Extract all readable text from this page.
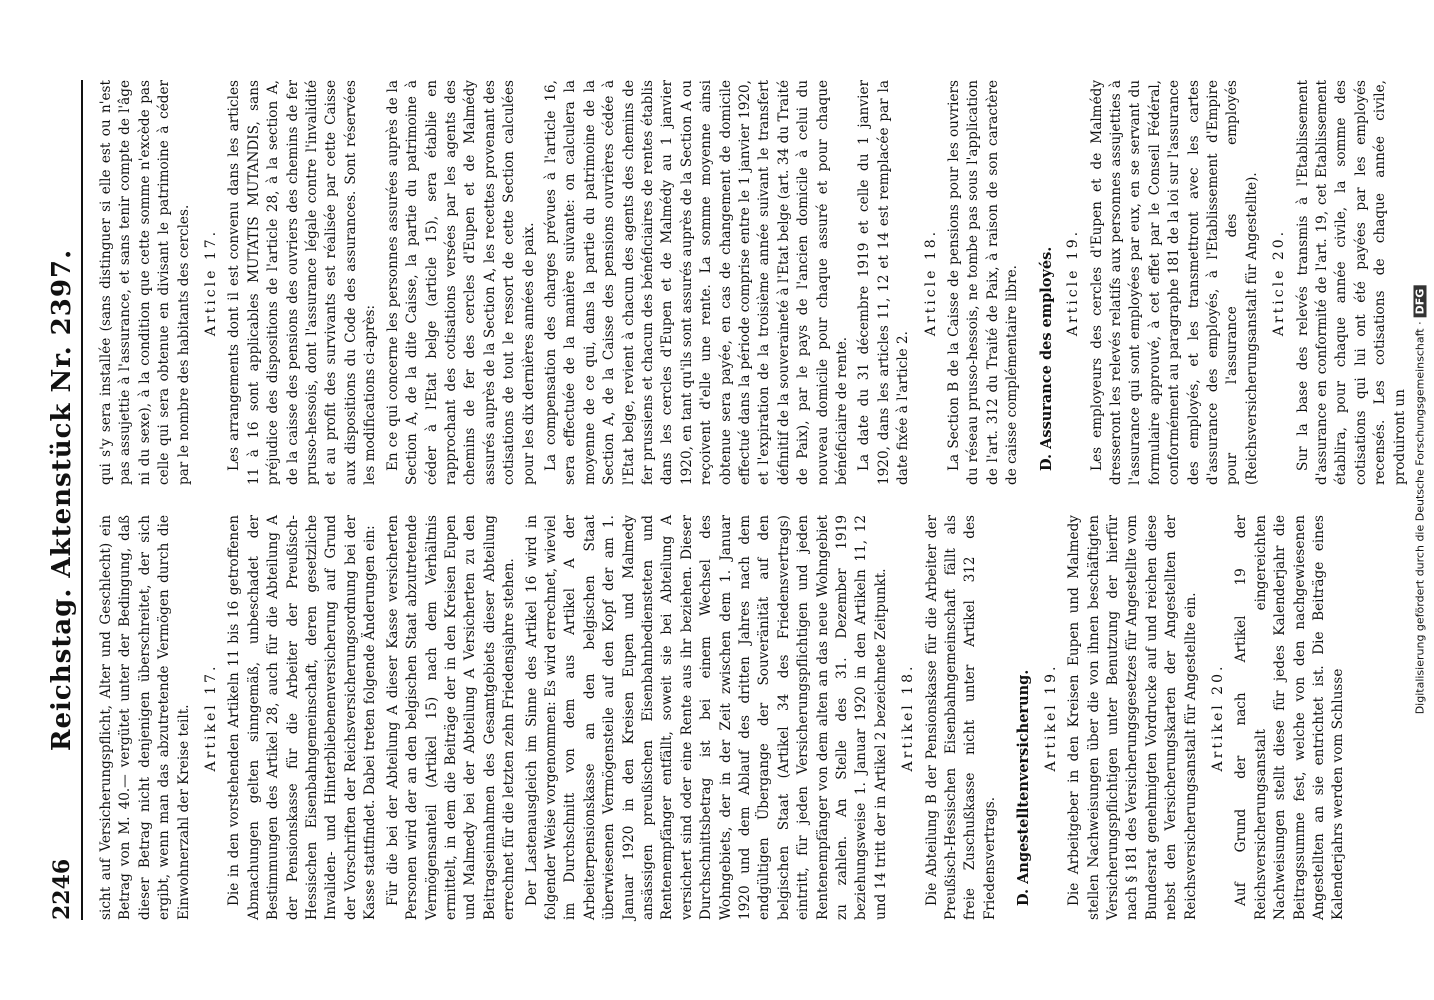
2246
Reichstag. Aktenstück Nr. 2397. sicht auf Versicherungspflicht, Alter und Geschlecht) ein Betrag von M. 40.— vergütet unter der Bedingung, daß dieser Betrag nicht denjenigen überschreitet, der sich ergibt, wenn man das abzutretende Vermögen durch die Einwohnerzahl der Kreise teilt. Artikel 17. Die in den vorstehenden Artikeln 11 bis 16 getroffenen Abmachungen gelten sinngemäß, unbeschadet der Bestimmungen des Artikel 28, auch für die Abteilung A der Pensionskasse für die Arbeiter der Preußisch-Hessischen Eisenbahngemeinschaft, deren gesetzliche Invaliden- und Hinterbliebenenversicherung auf Grund der Vorschriften der Reichsversicherungsordnung bei der Kasse stattfindet. Dabei treten folgende Änderungen ein: Für die bei der Abteilung A dieser Kasse versicherten Personen wird der an den belgischen Staat abzutretende Vermögensanteil (Artikel 15) nach dem Verhältnis ermittelt, in dem die Beiträge der in den Kreisen Eupen und Malmedy bei der Abteilung A Versicherten zu den Beitragseinnahmen des Gesamtgebiets dieser Abteilung errechnet für die letzten zehn Friedensjahre stehen. Der Lastenausgleich im Sinne des Artikel 16 wird in folgender Weise vorgenommen: Es wird errechnet, wieviel im Durchschnitt von dem aus Artikel A der Arbeiterpensionskasse an den belgischen Staat überwiesenen Vermögensteile auf den Kopf der am 1. Januar 1920 in den Kreisen Eupen und Malmedy ansässigen preußischen Eisenbahnbediensteten und Rentenempfänger entfällt, soweit sie bei Abteilung A versichert sind oder eine Rente aus ihr beziehen. Dieser Durchschnittsbetrag ist bei einem Wechsel des Wohngebiets, der in der Zeit zwischen dem 1. Januar 1920 und dem Ablauf des dritten Jahres nach dem endgültigen Übergange der Souveränität auf den belgischen Staat (Artikel 34 des Friedensvertrags) eintritt, für jeden Versicherungspflichtigen und jeden Rentenempfänger von dem alten an das neue Wohngebiet zu zahlen. An Stelle des 31. Dezember 1919 beziehungsweise 1. Januar 1920 in den Artikeln 11, 12 und 14 tritt der in Artikel 2 bezeichnete Zeitpunkt. Artikel 18. Die Abteilung B der Pensionskasse für die Arbeiter der Preußisch-Hessischen Eisenbahngemeinschaft fällt als freie Zuschußkasse nicht unter Artikel 312 des Friedensvertrags. D. Angestelltenversicherung. Artikel 19. Die Arbeitgeber in den Kreisen Eupen und Malmedy stellen Nachweisungen über die von ihnen beschäftigten Versicherungspflichtigen unter Benutzung der hierfür nach § 181 des Versicherungsgesetzes für Angestellte vom Bundesrat genehmigten Vordrucke auf und reichen diese nebst den Versicherungskarten der Angestellten der Reichsversicherungsanstalt für Angestellte ein. Artikel 20. Auf Grund der nach Artikel 19 der Reichsversicherungsanstalt eingereichten Nachweisungen stellt diese für jedes Kalenderjahr die Beitragssumme fest, welche von den nachgewiesenen Angestellten an sie entrichtet ist. Die Beiträge eines Kalenderjahrs werden vom Schlusse

qui s'y sera installée (sans distinguer si elle est ou n'est pas assujettie à l'assurance, et sans tenir compte de l'âge ni du sexe), à la condition que cette somme n'excède pas celle qui sera obtenue en divisant le patrimoine à céder par le nombre des habitants des cercles. Article 17. Les arrangements dont il est convenu dans les articles 11 à 16 sont applicables MUTATIS MUTANDIS, sans préjudice des dispositions de l'article 28, à la section A, de la caisse des pensions des ouvriers des chemins de fer prusso-hessois, dont l'assurance légale contre l'invalidité et au profit des survivants est réalisée par cette Caisse aux dispositions du Code des assurances. Sont réservées les modifications ci-après: En ce qui concerne les personnes assurées auprès de la Section A, de la dite Caisse, la partie du patrimoine à céder à l'Etat belge (article 15), sera établie en rapprochant des cotisations versées par les agents des chemins de fer des cercles d'Eupen et de Malmédy assurés auprès de la Section A, les recettes provenant des cotisations de tout le ressort de cette Section calculées pour les dix dernières années de paix. La compensation des charges prévues à l'article 16, sera effectuée de la manière suivante: on calculera la moyenne de ce qui, dans la partie du patrimoine de la Section A, de la Caisse des pensions ouvrières cédée à l'Etat belge, revient à chacun des agents des chemins de fer prussiens et chacun des bénéficiaires de rentes établis dans les cercles d'Eupen et de Malmédy au 1 janvier 1920, en tant qu'ils sont assurés auprès de la Section A ou reçoivent d'elle une rente. La somme moyenne ainsi obtenue sera payée, en cas de changement de domicile effectué dans la période comprise entre le 1 janvier 1920, et l'expiration de la troisième année suivant le transfert définitif de la souveraineté à l'Etat belge (art. 34 du Traité de Paix), par le pays de l'ancien domicile à celui du nouveau domicile pour chaque assuré et pour chaque bénéficiaire de rente. La date du 31 décembre 1919 et celle du 1 janvier 1920, dans les articles 11, 12 et 14 est remplacée par la date fixée à l'article 2.

Article 18. La Section B de la Caisse de pensions pour les ouvriers du réseau prusso-hessois, ne tombe pas sous l'application de l'art. 312 du Traité de Paix, à raison de son caractère de caisse complémentaire libre. D. Assurance des employés. Article 19. Les employeurs des cercles d'Eupen et de Malmédy dresseront les relevés relatifs aux personnes assujetties à l'assurance qui sont employées par eux, en se servant du formulaire approuvé, à cet effet par le Conseil Fédéral, conformément au paragraphe 181 de la loi sur l'assurance des employés, et les transmettront avec les cartes d'assurance des employés, à l'Etablissement d'Empire pour l'assurance des employés (Reichsversicherungsanstalt für Angestellte). Article 20. Sur la base des relevés transmis à l'Etablissement d'assurance en conformité de l'art. 19, cet Etablissement établira, pour chaque année civile, la somme des cotisations qui lui ont été payées par les employés recensés. Les cotisations de chaque année civile, produiront un Digitalisierung gefördert durch die Deutsche Forschungsgemeinschaft ·DFG
